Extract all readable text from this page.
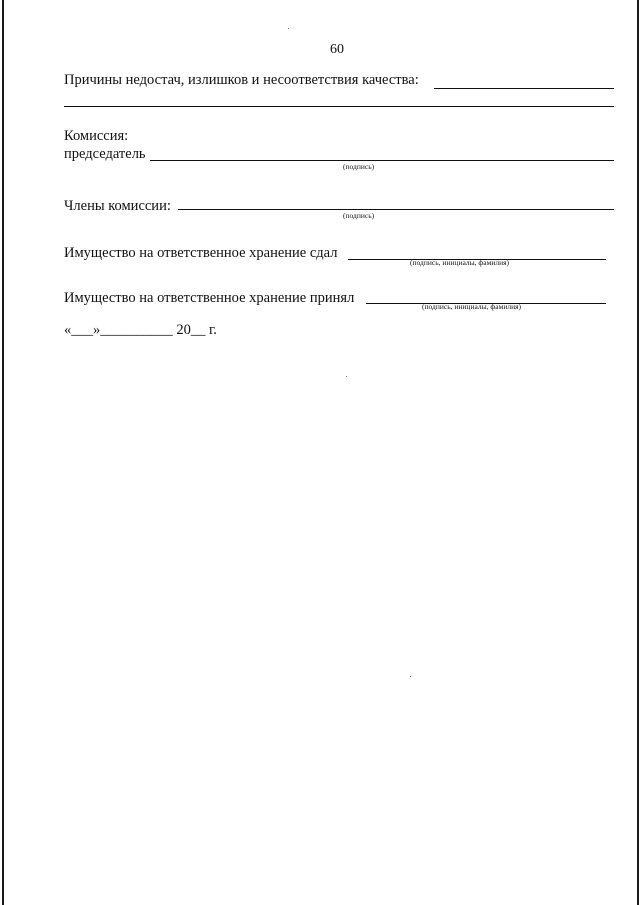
60
Причины недостач, излишков и несоответствия качества:
Комиссия:
председатель
(подпись)
Члены комиссии:
(подпись)
Имущество на ответственное хранение сдал
(подпись, инициалы, фамилия)
Имущество на ответственное хранение принял
(подпись, инициалы, фамилия)
«___»__________ 20__ г.
